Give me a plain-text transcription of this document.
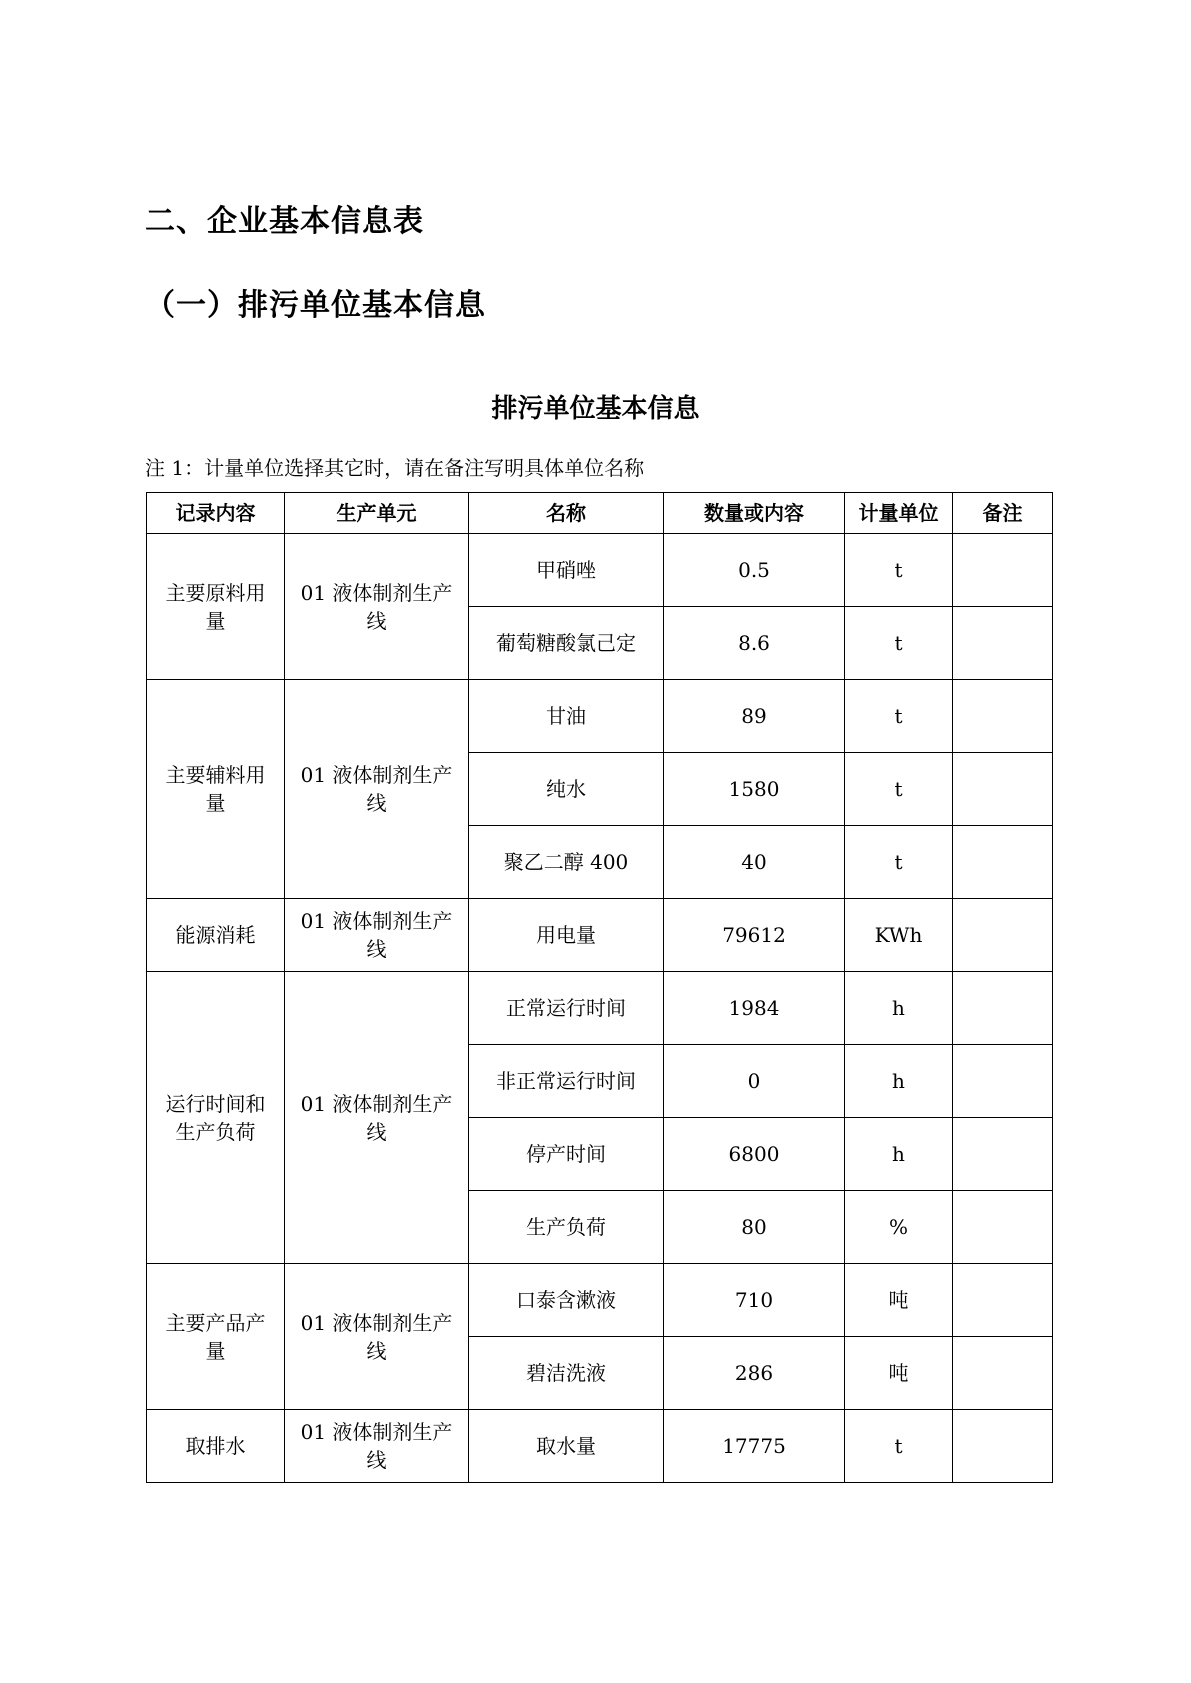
二、企业基本信息表
（一）排污单位基本信息
排污单位基本信息
注 1：计量单位选择其它时，请在备注写明具体单位名称
记录内容	生产单元	名称	数量或内容	计量单位	备注
主要原料用量	01 液体制剂生产线	甲硝唑	0.5	t	
		葡萄糖酸氯己定	8.6	t	
主要辅料用量	01 液体制剂生产线	甘油	89	t	
		纯水	1580	t	
		聚乙二醇 400	40	t	
能源消耗	01 液体制剂生产线	用电量	79612	KWh	
运行时间和生产负荷	01 液体制剂生产线	正常运行时间	1984	h	
		非正常运行时间	0	h	
		停产时间	6800	h	
		生产负荷	80	%	
主要产品产量	01 液体制剂生产线	口泰含漱液	710	吨	
		碧洁洗液	286	吨	
取排水	01 液体制剂生产线	取水量	17775	t	
